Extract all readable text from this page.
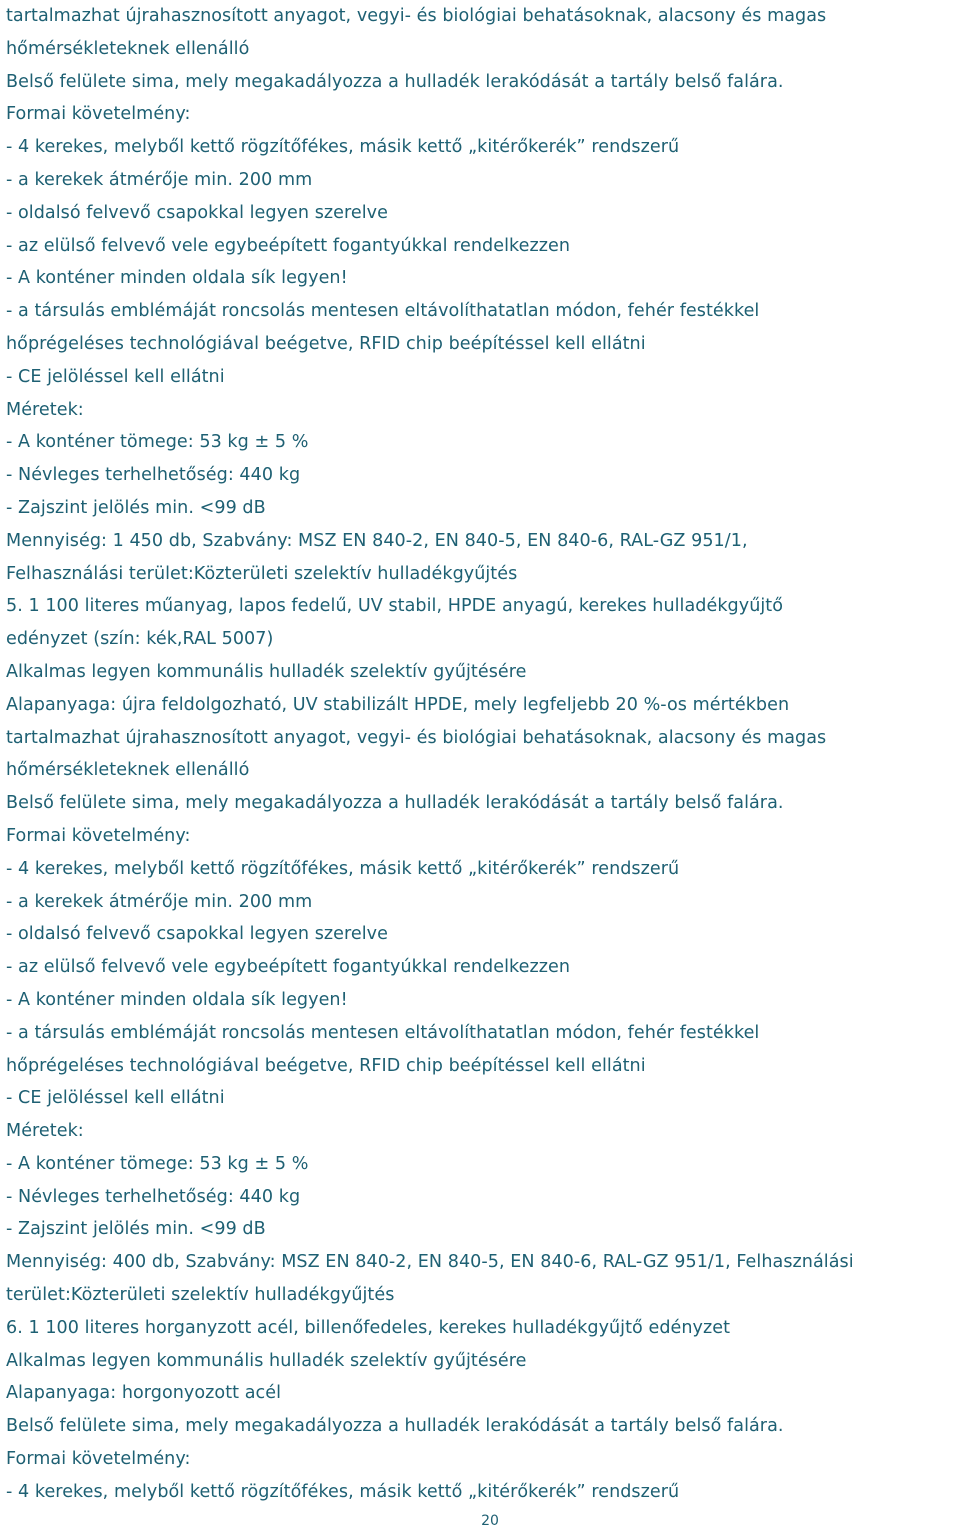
tartalmazhat újrahasznosított anyagot, vegyi- és biológiai behatásoknak, alacsony és magas
hőmérsékleteknek ellenálló
Belső felülete sima, mely megakadályozza a hulladék lerakódását a tartály belső falára.
Formai követelmény:
- 4 kerekes, melyből kettő rögzítőfékes, másik kettő „kitérőkerék” rendszerű
- a kerekek átmérője min. 200 mm
- oldalsó felvevő csapokkal legyen szerelve
- az elülső felvevő vele egybeépített fogantyúkkal rendelkezzen
- A konténer minden oldala sík legyen!
- a társulás emblémáját roncsolás mentesen eltávolíthatatlan módon, fehér festékkel
hőprégeléses technológiával beégetve, RFID chip beépítéssel kell ellátni
- CE jelöléssel kell ellátni
Méretek:
- A konténer tömege: 53 kg ± 5 %
- Névleges terhelhetőség: 440 kg
- Zajszint jelölés min. <99 dB
Mennyiség: 1 450 db, Szabvány: MSZ EN 840-2, EN 840-5, EN 840-6, RAL-GZ 951/1,
Felhasználási terület:Közterületi szelektív hulladékgyűjtés
5. 1 100 literes műanyag, lapos fedelű, UV stabil, HPDE anyagú, kerekes hulladékgyűjtő
edényzet (szín: kék,RAL 5007)
Alkalmas legyen kommunális hulladék szelektív gyűjtésére
Alapanyaga: újra feldolgozható, UV stabilizált HPDE, mely legfeljebb 20 %-os mértékben
tartalmazhat újrahasznosított anyagot, vegyi- és biológiai behatásoknak, alacsony és magas
hőmérsékleteknek ellenálló
Belső felülete sima, mely megakadályozza a hulladék lerakódását a tartály belső falára.
Formai követelmény:
- 4 kerekes, melyből kettő rögzítőfékes, másik kettő „kitérőkerék” rendszerű
- a kerekek átmérője min. 200 mm
- oldalsó felvevő csapokkal legyen szerelve
- az elülső felvevő vele egybeépített fogantyúkkal rendelkezzen
- A konténer minden oldala sík legyen!
- a társulás emblémáját roncsolás mentesen eltávolíthatatlan módon, fehér festékkel
hőprégeléses technológiával beégetve, RFID chip beépítéssel kell ellátni
- CE jelöléssel kell ellátni
Méretek:
- A konténer tömege: 53 kg ± 5 %
- Névleges terhelhetőség: 440 kg
- Zajszint jelölés min. <99 dB
Mennyiség: 400 db, Szabvány: MSZ EN 840-2, EN 840-5, EN 840-6, RAL-GZ 951/1, Felhasználási
terület:Közterületi szelektív hulladékgyűjtés
6. 1 100 literes horganyzott acél, billenőfedeles, kerekes hulladékgyűjtő edényzet
Alkalmas legyen kommunális hulladék szelektív gyűjtésére
Alapanyaga: horgonyozott acél
Belső felülete sima, mely megakadályozza a hulladék lerakódását a tartály belső falára.
Formai követelmény:
- 4 kerekes, melyből kettő rögzítőfékes, másik kettő „kitérőkerék” rendszerű
20
